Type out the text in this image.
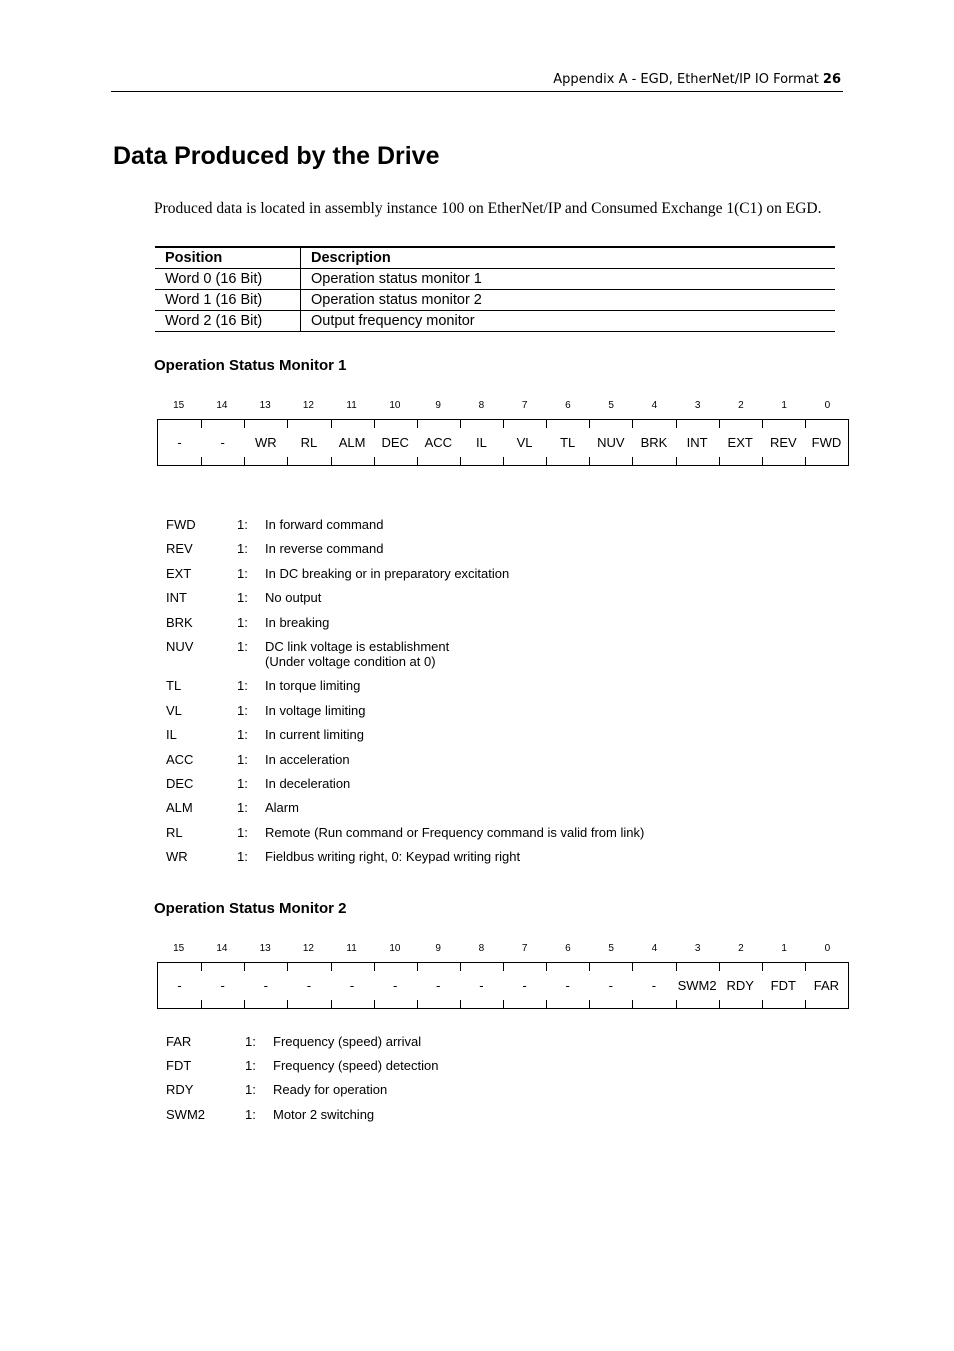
Appendix A - EGD, EtherNet/IP IO Format 26
Data Produced by the Drive

Produced data is located in assembly instance 100 on EtherNet/IP and Consumed Exchange 1(C1) on EGD.

Position	Description
Word 0 (16 Bit)	Operation status monitor 1
Word 1 (16 Bit)	Operation status monitor 2
Word 2 (16 Bit)	Output frequency monitor
Operation Status Monitor 1
15	14	13	12	11	10	9	8	7	6	5	4	3	2	1	0
-	-	WR	RL	ALM	DEC	ACC	IL	VL	TL	NUV	BRK	INT	EXT	REV	FWD
FWD	1:	In forward command
REV	1:	In reverse command
EXT	1:	In DC breaking or in preparatory excitation
INT	1:	No output
BRK	1:	In breaking
NUV	1:	DC link voltage is establishment
(Under voltage condition at 0)
TL	1:	In torque limiting
VL	1:	In voltage limiting
IL	1:	In current limiting
ACC	1:	In acceleration
DEC	1:	In deceleration
ALM	1:	Alarm
RL	1:	Remote (Run command or Frequency command is valid from link)
WR	1:	Fieldbus writing right, 0: Keypad writing right
Operation Status Monitor 2
15	14	13	12	11	10	9	8	7	6	5	4	3	2	1	0
-	-	-	-	-	-	-	-	-	-	-	-	SWM2 RDY	FDT	FAR
FAR	1:	Frequency (speed) arrival
FDT	1:	Frequency (speed) detection
RDY	1:	Ready for operation
SWM2	1:	Motor 2 switching
